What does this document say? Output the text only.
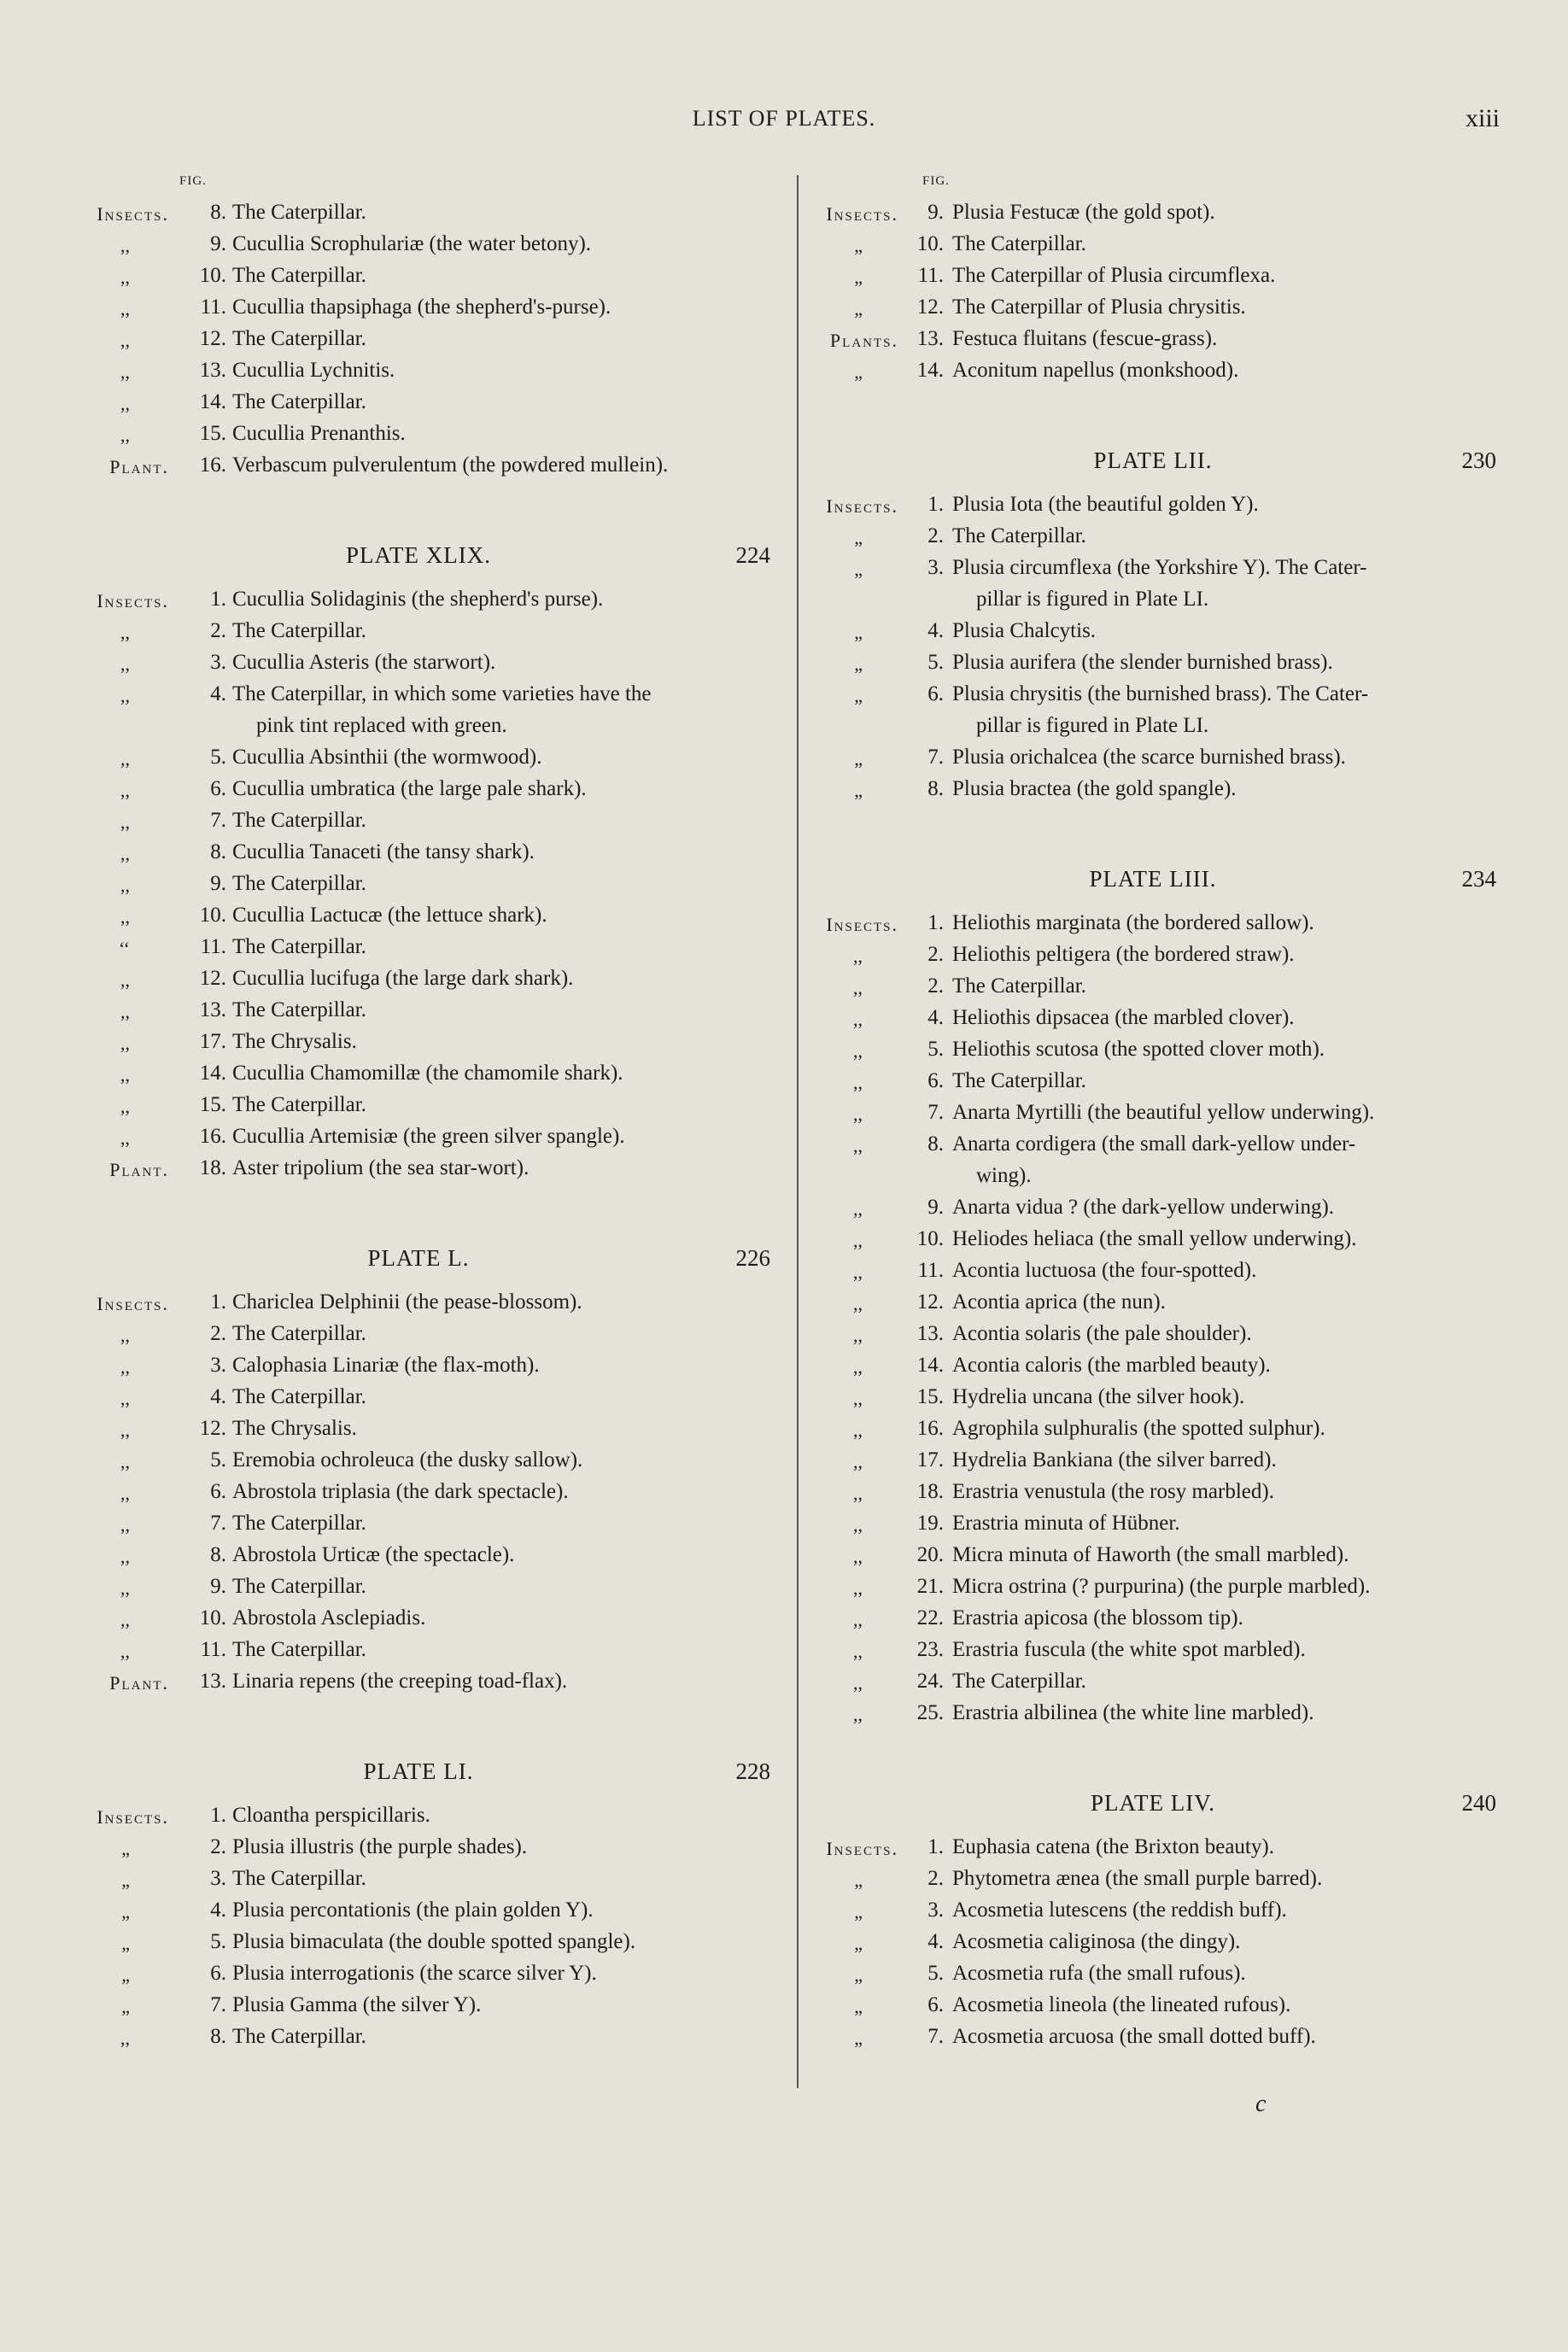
LIST OF PLATES.	xiii
FIG.
Insects.	8. The Caterpillar.
,,	9. Cucullia Scrophulariæ (the water betony).
,,	10. The Caterpillar.
,,	11. Cucullia thapsiphaga (the shepherd's-purse).
,,	12. The Caterpillar.
,,	13. Cucullia Lychnitis.
,,	14. The Caterpillar.
,,	15. Cucullia Prenanthis.
Plant.	16. Verbascum pulverulentum (the powdered mullein).
PLATE XLIX.	224
Insects.	1. Cucullia Solidaginis (the shepherd's purse).
,,	2. The Caterpillar.
,,	3. Cucullia Asteris (the starwort).
,,	4. The Caterpillar, in which some varieties have the
pink tint replaced with green.
,,	5. Cucullia Absinthii (the wormwood).
,,	6. Cucullia umbratica (the large pale shark).
,,	7. The Caterpillar.
,,	8. Cucullia Tanaceti (the tansy shark).
,,	9. The Caterpillar.
,,	10. Cucullia Lactucæ (the lettuce shark).
‘‘	11. The Caterpillar.
,,	12. Cucullia lucifuga (the large dark shark).
,,	13. The Caterpillar.
,,	17. The Chrysalis.
,,	14. Cucullia Chamomillæ (the chamomile shark).
,,	15. The Caterpillar.
,,	16. Cucullia Artemisiæ (the green silver spangle).
Plant.	18. Aster tripolium (the sea star-wort).
PLATE L.	226
Insects.	1. Chariclea Delphinii (the pease-blossom).
,,	2. The Caterpillar.
,,	3. Calophasia Linariæ (the flax-moth).
,,	4. The Caterpillar.
,,	12. The Chrysalis.
,,	5. Eremobia ochroleuca (the dusky sallow).
,,	6. Abrostola triplasia (the dark spectacle).
,,	7. The Caterpillar.
,,	8. Abrostola Urticæ (the spectacle).
,,	9. The Caterpillar.
,,	10. Abrostola Asclepiadis.
,,	11. The Caterpillar.
Plant.	13. Linaria repens (the creeping toad-flax).
PLATE LI.	228
Insects.	1. Cloantha perspicillaris.
„	2. Plusia illustris (the purple shades).
„	3. The Caterpillar.
„	4. Plusia percontationis (the plain golden Y).
„	5. Plusia bimaculata (the double spotted spangle).
„	6. Plusia interrogationis (the scarce silver Y).
„	7. Plusia Gamma (the silver Y).
,,	8. The Caterpillar.
FIG.
Insects.	9. Plusia Festucæ (the gold spot).
„	10. The Caterpillar.
„	11. The Caterpillar of Plusia circumflexa.
„	12. The Caterpillar of Plusia chrysitis.
Plants. 13. Festuca fluitans (fescue-grass).
„	14. Aconitum napellus (monkshood).
PLATE LII.	230
Insects.	1. Plusia Iota (the beautiful golden Y).
„	2. The Caterpillar.
„	3. Plusia circumflexa (the Yorkshire Y). The Cater-
pillar is figured in Plate LI.
„	4. Plusia Chalcytis.
„	5. Plusia aurifera (the slender burnished brass).
„	6. Plusia chrysitis (the burnished brass). The Cater-
pillar is figured in Plate LI.
„	7. Plusia orichalcea (the scarce burnished brass).
„	8. Plusia bractea (the gold spangle).
PLATE LIII.	234
Insects.	1. Heliothis marginata (the bordered sallow).
,,	2. Heliothis peltigera (the bordered straw).
,,	2. The Caterpillar.
,,	4. Heliothis dipsacea (the marbled clover).
,,	5. Heliothis scutosa (the spotted clover moth).
,,	6. The Caterpillar.
,,	7. Anarta Myrtilli (the beautiful yellow underwing).
,,	8. Anarta cordigera (the small dark-yellow under-
wing).
,,	9. Anarta vidua ? (the dark-yellow underwing).
,,	10. Heliodes heliaca (the small yellow underwing).
,,	11. Acontia luctuosa (the four-spotted).
,,	12. Acontia aprica (the nun).
,,	13. Acontia solaris (the pale shoulder).
,,	14. Acontia caloris (the marbled beauty).
,,	15. Hydrelia uncana (the silver hook).
,,	16. Agrophila sulphuralis (the spotted sulphur).
,,	17. Hydrelia Bankiana (the silver barred).
,,	18. Erastria venustula (the rosy marbled).
,,	19. Erastria minuta of Hübner.
,,	20. Micra minuta of Haworth (the small marbled).
,,	21. Micra ostrina (? purpurina) (the purple marbled).
,,	22. Erastria apicosa (the blossom tip).
,,	23. Erastria fuscula (the white spot marbled).
,,	24. The Caterpillar.
,,	25. Erastria albilinea (the white line marbled).
PLATE LIV.	240
Insects.	1. Euphasia catena (the Brixton beauty).
„	2. Phytometra ænea (the small purple barred).
„	3. Acosmetia lutescens (the reddish buff).
„	4. Acosmetia caliginosa (the dingy).
„	5. Acosmetia rufa (the small rufous).
„	6. Acosmetia lineola (the lineated rufous).
„	7. Acosmetia arcuosa (the small dotted buff).
c
